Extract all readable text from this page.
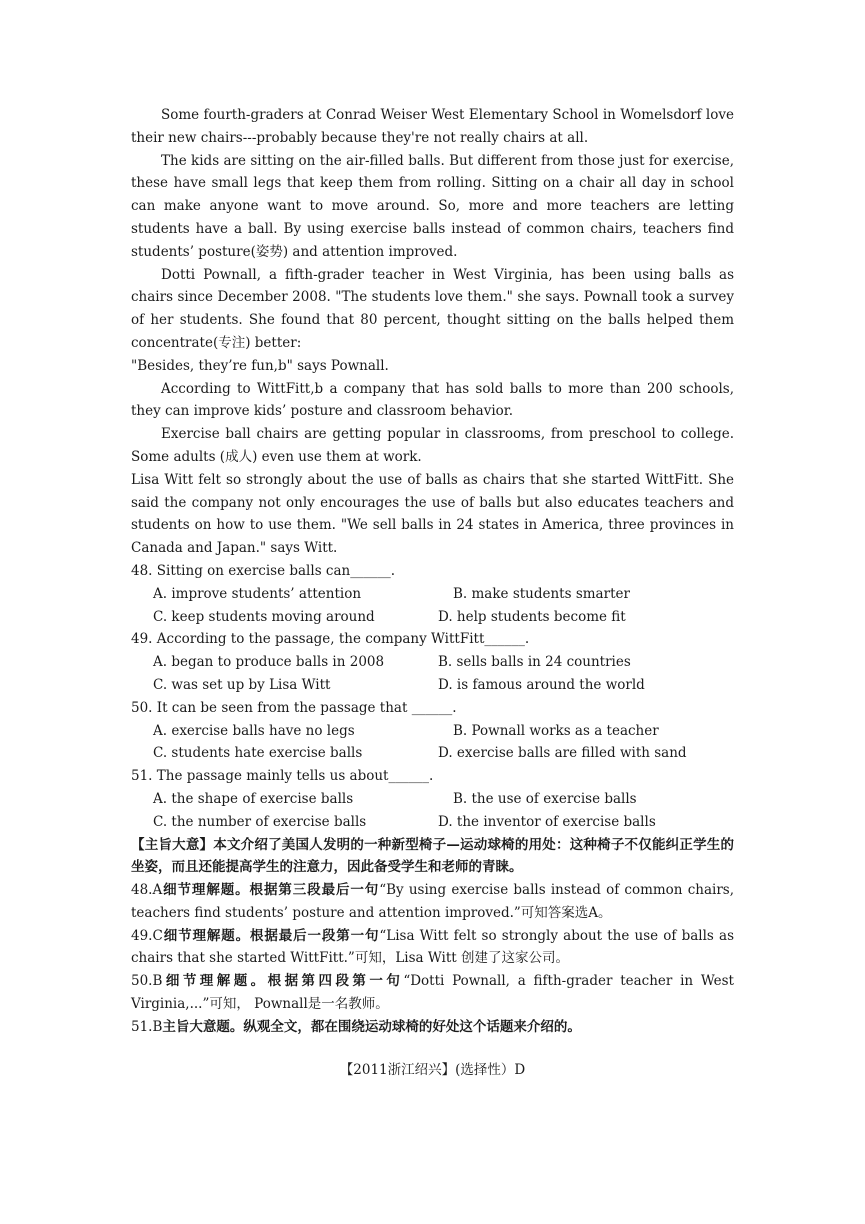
Some fourth-graders at Conrad Weiser West Elementary School in Womelsdorf love their new chairs---probably because they're not really chairs at all.

The kids are sitting on the air-filled balls. But different from those just for exercise, these have small legs that keep them from rolling. Sitting on a chair all day in school can make anyone want to move around. So, more and more teachers are letting students have a ball. By using exercise balls instead of common chairs, teachers find students’ posture(姿势) and attention improved.

Dotti Pownall, a fifth-grader teacher in West Virginia, has been using balls as chairs since December 2008. "The students love them." she says. Pownall took a survey of her students. She found that 80 percent, thought sitting on the balls helped them concentrate(专注) better:

"Besides, they’re fun,b" says Pownall.

According to WittFitt,b a company that has sold balls to more than 200 schools, they can improve kids’ posture and classroom behavior.

Exercise ball chairs are getting popular in classrooms, from preschool to college. Some adults (成人) even use them at work.

Lisa Witt felt so strongly about the use of balls as chairs that she started WittFitt. She said the company not only encourages the use of balls but also educates teachers and students on how to use them. "We sell balls in 24 states in America, three provinces in Canada and Japan." says Witt.

48. Sitting on exercise balls can______.

A. improve students’ attention	B. make students smarter
C. keep students moving around	D. help students become fit

49. According to the passage, the company WittFitt______.

A. began to produce balls in 2008	B. sells balls in 24 countries
C. was set up by Lisa Witt	D. is famous around the world

50. It can be seen from the passage that ______.

A. exercise balls have no legs	B. Pownall works as a teacher
C. students hate exercise balls	D. exercise balls are filled with sand

51. The passage mainly tells us about______.

A. the shape of exercise balls	B. the use of exercise balls
C. the number of exercise balls	D. the inventor of exercise balls

【主旨大意】本文介绍了美国人发明的一种新型椅子—运动球椅的用处：这种椅子不仅能纠正学生的坐姿，而且还能提高学生的注意力，因此备受学生和老师的青睐。

48.A细节理解题。根据第三段最后一句“By using exercise balls instead of common chairs, teachers find students’ posture and attention improved.”可知答案选A。

49.C细节理解题。根据最后一段第一句“Lisa Witt felt so strongly about the use of balls as chairs that she started WittFitt.”可知，Lisa Witt 创建了这家公司。

50.B细节理解题。根据第四段第一句“Dotti Pownall, a fifth-grader teacher in West Virginia,...”可知， Pownall是一名教师。

51.B主旨大意题。纵观全文，都在围绕运动球椅的好处这个话题来介绍的。

【2011浙江绍兴】(选择性）D
